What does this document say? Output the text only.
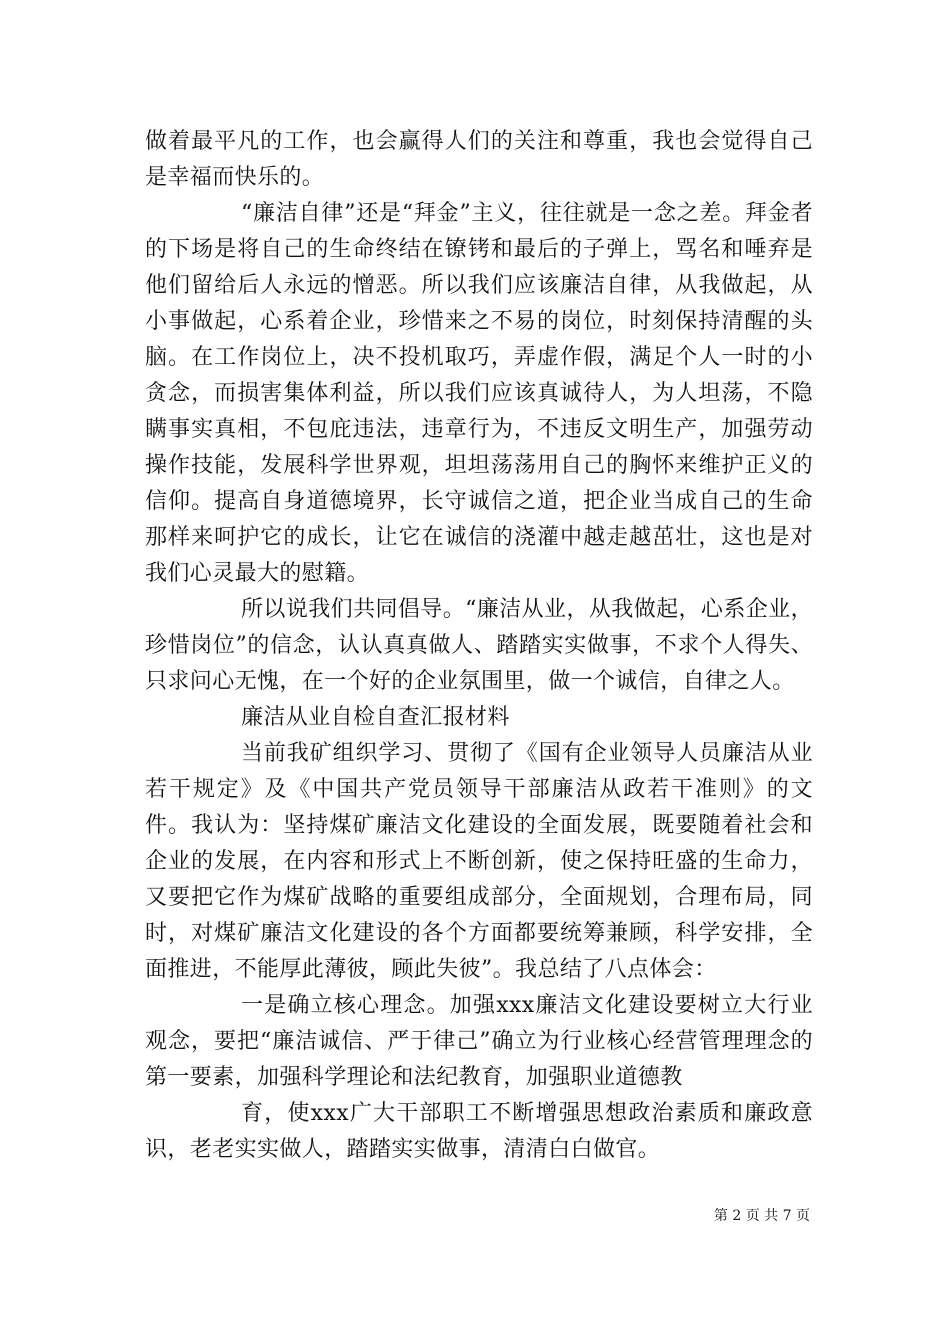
做着最平凡的工作，也会赢得人们的关注和尊重，我也会觉得自己是幸福而快乐的。

“廉洁自律”还是“拜金”主义，往往就是一念之差。拜金者的下场是将自己的生命终结在镣铐和最后的子弹上，骂名和唾弃是他们留给后人永远的憎恶。所以我们应该廉洁自律，从我做起，从小事做起，心系着企业，珍惜来之不易的岗位，时刻保持清醒的头脑。在工作岗位上，决不投机取巧，弄虚作假，满足个人一时的小贪念，而损害集体利益，所以我们应该真诚待人，为人坦荡，不隐瞒事实真相，不包庇违法，违章行为，不违反文明生产，加强劳动操作技能，发展科学世界观，坦坦荡荡用自己的胸怀来维护正义的信仰。提高自身道德境界，长守诚信之道，把企业当成自己的生命那样来呵护它的成长，让它在诚信的浇灌中越走越茁壮，这也是对我们心灵最大的慰籍。

所以说我们共同倡导。“廉洁从业，从我做起，心系企业，珍惜岗位”的信念，认认真真做人、踏踏实实做事，不求个人得失、只求问心无愧，在一个好的企业氛围里，做一个诚信，自律之人。

廉洁从业自检自查汇报材料

当前我矿组织学习、贯彻了《国有企业领导人员廉洁从业若干规定》及《中国共产党员领导干部廉洁从政若干准则》的文件。我认为：坚持煤矿廉洁文化建设的全面发展，既要随着社会和企业的发展，在内容和形式上不断创新，使之保持旺盛的生命力，又要把它作为煤矿战略的重要组成部分，全面规划，合理布局，同时，对煤矿廉洁文化建设的各个方面都要统筹兼顾，科学安排，全面推进，不能厚此薄彼，顾此失彼”。我总结了八点体会：

一是确立核心理念。加强xxx廉洁文化建设要树立大行业观念，要把“廉洁诚信、严于律己”确立为行业核心经营管理理念的第一要素，加强科学理论和法纪教育，加强职业道德教

育，使xxx广大干部职工不断增强思想政治素质和廉政意识，老老实实做人，踏踏实实做事，清清白白做官。

第 2 页 共 7 页
